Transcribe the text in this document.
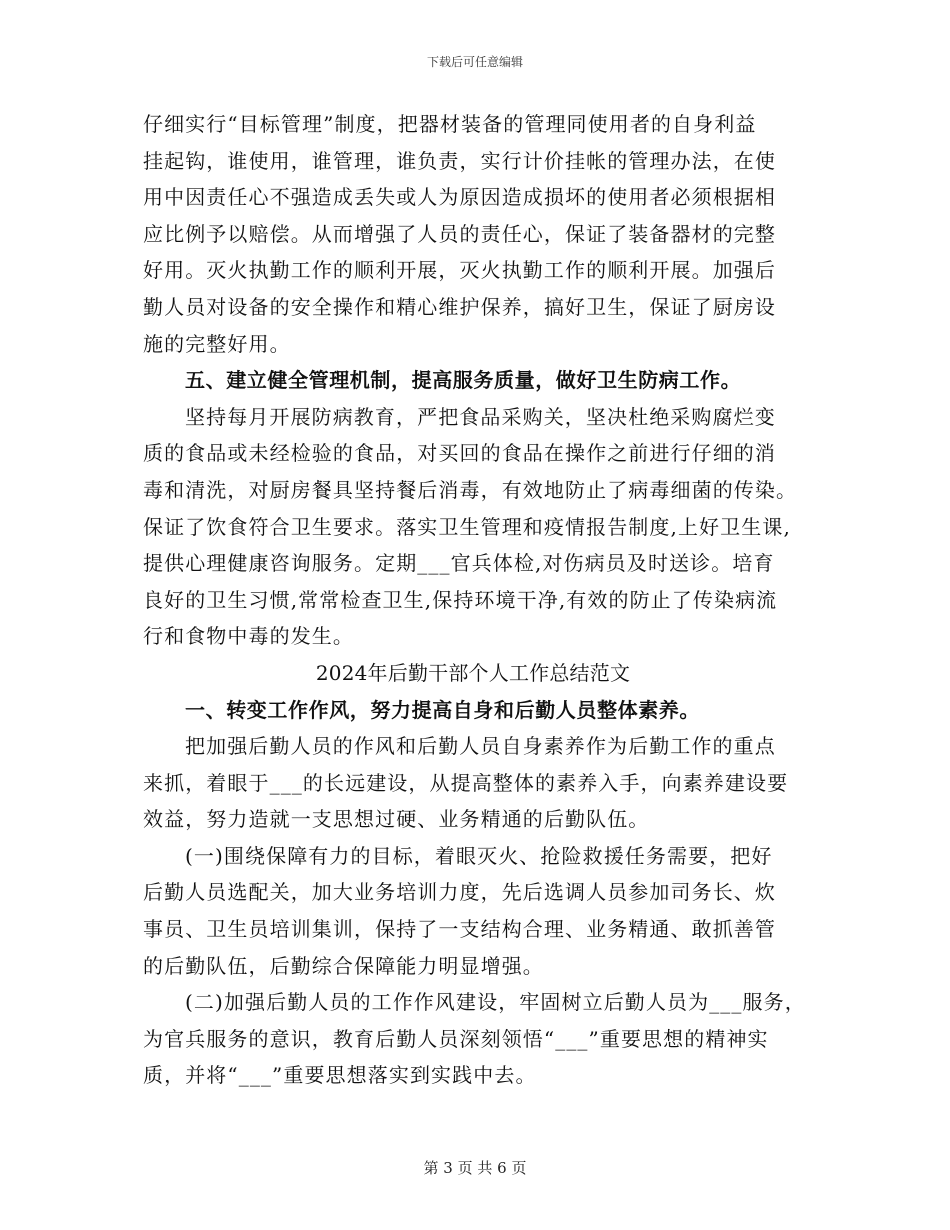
下载后可任意编辑
仔细实行“目标管理”制度，把器材装备的管理同使用者的自身利益
挂起钩，谁使用，谁管理，谁负责，实行计价挂帐的管理办法，在使
用中因责任心不强造成丢失或人为原因造成损坏的使用者必须根据相
应比例予以赔偿。从而增强了人员的责任心，保证了装备器材的完整
好用。灭火执勤工作的顺利开展，灭火执勤工作的顺利开展。加强后
勤人员对设备的安全操作和精心维护保养，搞好卫生，保证了厨房设
施的完整好用。
五、建立健全管理机制，提高服务质量，做好卫生防病工作。
坚持每月开展防病教育，严把食品采购关，坚决杜绝采购腐烂变
质的食品或未经检验的食品，对买回的食品在操作之前进行仔细的消
毒和清洗，对厨房餐具坚持餐后消毒，有效地防止了病毒细菌的传染。
保证了饮食符合卫生要求。落实卫生管理和疫情报告制度,上好卫生课,
提供心理健康咨询服务。定期___官兵体检,对伤病员及时送诊。培育
良好的卫生习惯,常常检查卫生,保持环境干净,有效的防止了传染病流
行和食物中毒的发生。
2024年后勤干部个人工作总结范文
一、转变工作作风，努力提高自身和后勤人员整体素养。
把加强后勤人员的作风和后勤人员自身素养作为后勤工作的重点
来抓，着眼于___的长远建设，从提高整体的素养入手，向素养建设要
效益，努力造就一支思想过硬、业务精通的后勤队伍。
(一)围绕保障有力的目标，着眼灭火、抢险救援任务需要，把好
后勤人员选配关，加大业务培训力度，先后选调人员参加司务长、炊
事员、卫生员培训集训，保持了一支结构合理、业务精通、敢抓善管
的后勤队伍，后勤综合保障能力明显增强。
(二)加强后勤人员的工作作风建设，牢固树立后勤人员为___服务，
为官兵服务的意识，教育后勤人员深刻领悟“___”重要思想的精神实
质，并将“___”重要思想落实到实践中去。
第 3 页 共 6 页
